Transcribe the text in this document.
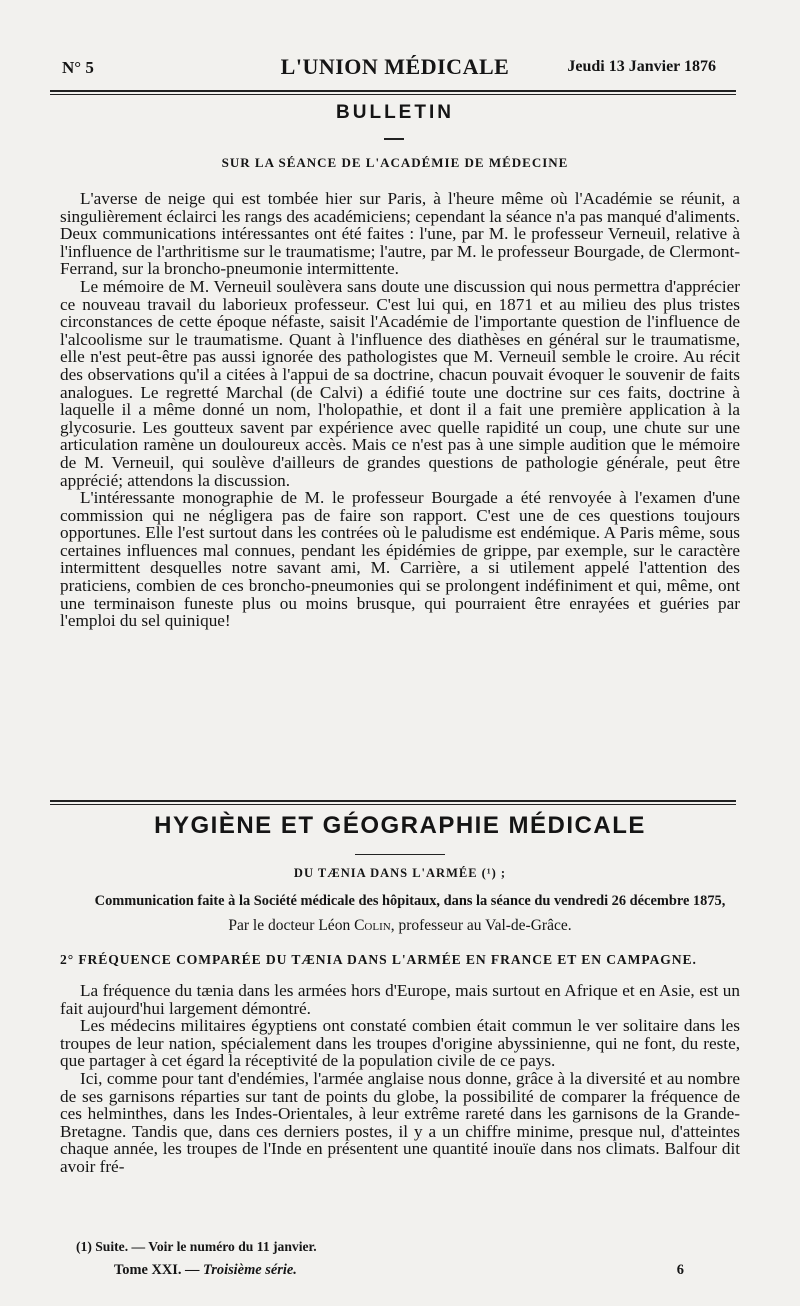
N° 5	L'UNION MÉDICALE	Jeudi 13 Janvier 1876
BULLETIN
SUR LA SÉANCE DE L'ACADÉMIE DE MÉDECINE

L'averse de neige qui est tombée hier sur Paris, à l'heure même où l'Académie se réunit, a singulièrement éclairci les rangs des académiciens; cependant la séance n'a pas manqué d'aliments. Deux communications intéressantes ont été faites : l'une, par M. le professeur Verneuil, relative à l'influence de l'arthritisme sur le traumatisme; l'autre, par M. le professeur Bourgade, de Clermont-Ferrand, sur la broncho-pneumonie intermittente.

Le mémoire de M. Verneuil soulèvera sans doute une discussion qui nous permettra d'apprécier ce nouveau travail du laborieux professeur. C'est lui qui, en 1871 et au milieu des plus tristes circonstances de cette époque néfaste, saisit l'Académie de l'importante question de l'influence de l'alcoolisme sur le traumatisme. Quant à l'influence des diathèses en général sur le traumatisme, elle n'est peut-être pas aussi ignorée des pathologistes que M. Verneuil semble le croire. Au récit des observations qu'il a citées à l'appui de sa doctrine, chacun pouvait évoquer le souvenir de faits analogues. Le regretté Marchal (de Calvi) a édifié toute une doctrine sur ces faits, doctrine à laquelle il a même donné un nom, l'holopathie, et dont il a fait une première application à la glycosurie. Les goutteux savent par expérience avec quelle rapidité un coup, une chute sur une articulation ramène un douloureux accès. Mais ce n'est pas à une simple audition que le mémoire de M. Verneuil, qui soulève d'ailleurs de grandes questions de pathologie générale, peut être apprécié; attendons la discussion.

L'intéressante monographie de M. le professeur Bourgade a été renvoyée à l'examen d'une commission qui ne négligera pas de faire son rapport. C'est une de ces questions toujours opportunes. Elle l'est surtout dans les contrées où le paludisme est endémique. A Paris même, sous certaines influences mal connues, pendant les épidémies de grippe, par exemple, sur le caractère intermittent desquelles notre savant ami, M. Carrière, a si utilement appelé l'attention des praticiens, combien de ces broncho-pneumonies qui se prolongent indéfiniment et qui, même, ont une terminaison funeste plus ou moins brusque, qui pourraient être enrayées et guéries par l'emploi du sel quinique!

HYGIÈNE ET GÉOGRAPHIE MÉDICALE
DU TÆNIA DANS L'ARMÉE (¹) ;
Communication faite à la Société médicale des hôpitaux, dans la séance du vendredi 26 décembre 1875,
Par le docteur Léon Colin, professeur au Val-de-Grâce.
2° FRÉQUENCE COMPARÉE DU TÆNIA DANS L'ARMÉE EN FRANCE ET EN CAMPAGNE.

La fréquence du tænia dans les armées hors d'Europe, mais surtout en Afrique et en Asie, est un fait aujourd'hui largement démontré.

Les médecins militaires égyptiens ont constaté combien était commun le ver solitaire dans les troupes de leur nation, spécialement dans les troupes d'origine abyssinienne, qui ne font, du reste, que partager à cet égard la réceptivité de la population civile de ce pays.

Ici, comme pour tant d'endémies, l'armée anglaise nous donne, grâce à la diversité et au nombre de ses garnisons réparties sur tant de points du globe, la possibilité de comparer la fréquence de ces helminthes, dans les Indes-Orientales, à leur extrême rareté dans les garnisons de la Grande-Bretagne. Tandis que, dans ces derniers postes, il y a un chiffre minime, presque nul, d'atteintes chaque année, les troupes de l'Inde en présentent une quantité inouïe dans nos climats. Balfour dit avoir fré-

(1) Suite. — Voir le numéro du 11 janvier.
Tome XXI. — Troisième série.	6
